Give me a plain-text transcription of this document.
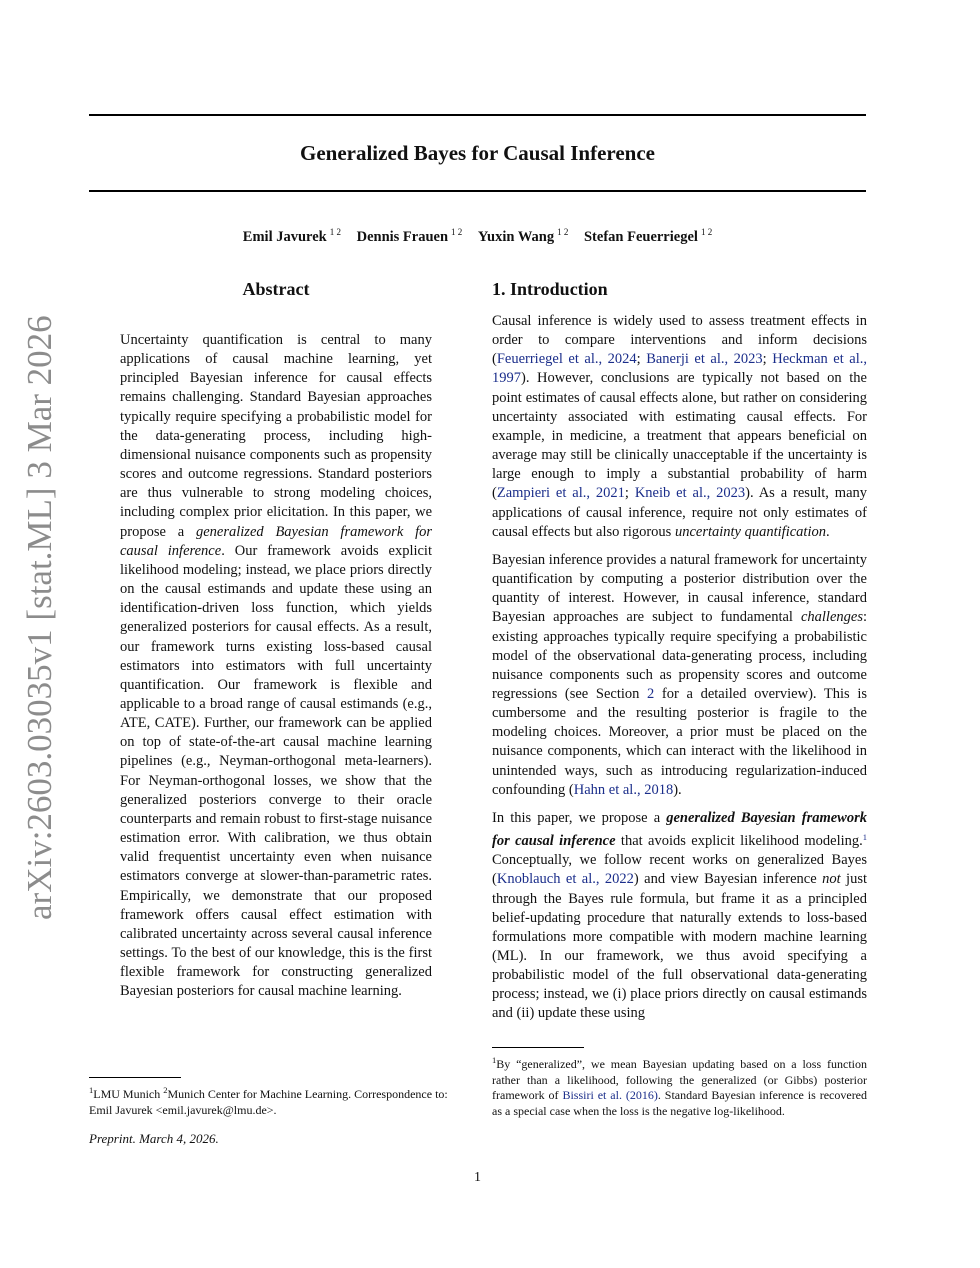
arXiv:2603.03035v1 [stat.ML] 3 Mar 2026
Generalized Bayes for Causal Inference
Emil Javurek $^{1 2}$ Dennis Frauen $^{1 2}$ Yuxin Wang $^{1 2}$ Stefan Feuerriegel $^{1 2}$
Abstract
Uncertainty quantification is central to many applications of causal machine learning, yet principled Bayesian inference for causal effects remains challenging. Standard Bayesian approaches typically require specifying a probabilistic model for the data-generating process, including high-dimensional nuisance components such as propensity scores and outcome regressions. Standard posteriors are thus vulnerable to strong modeling choices, including complex prior elicitation. In this paper, we propose a generalized Bayesian framework for causal inference. Our framework avoids explicit likelihood modeling; instead, we place priors directly on the causal estimands and update these using an identification-driven loss function, which yields generalized posteriors for causal effects. As a result, our framework turns existing loss-based causal estimators into estimators with full uncertainty quantification. Our framework is flexible and applicable to a broad range of causal estimands (e.g., ATE, CATE). Further, our framework can be applied on top of state-of-the-art causal machine learning pipelines (e.g., Neyman-orthogonal meta-learners). For Neyman-orthogonal losses, we show that the generalized posteriors converge to their oracle counterparts and remain robust to first-stage nuisance estimation error. With calibration, we thus obtain valid frequentist uncertainty even when nuisance estimators converge at slower-than-parametric rates. Empirically, we demonstrate that our proposed framework offers causal effect estimation with calibrated uncertainty across several causal inference settings. To the best of our knowledge, this is the first flexible framework for constructing generalized Bayesian posteriors for causal machine learning.
1. Introduction

Causal inference is widely used to assess treatment effects in order to compare interventions and inform decisions (Feuerriegel et al., 2024; Banerji et al., 2023; Heckman et al., 1997). However, conclusions are typically not based on the point estimates of causal effects alone, but rather on considering uncertainty associated with estimating causal effects. For example, in medicine, a treatment that appears beneficial on average may still be clinically unacceptable if the uncertainty is large enough to imply a substantial probability of harm (Zampieri et al., 2021; Kneib et al., 2023). As a result, many applications of causal inference, require not only estimates of causal effects but also rigorous uncertainty quantification.

Bayesian inference provides a natural framework for uncertainty quantification by computing a posterior distribution over the quantity of interest. However, in causal inference, standard Bayesian approaches are subject to fundamental challenges: existing approaches typically require specifying a probabilistic model of the observational data-generating process, including nuisance components such as propensity scores and outcome regressions (see Section 2 for a detailed overview). This is cumbersome and the resulting posterior is fragile to the modeling choices. Moreover, a prior must be placed on the nuisance components, which can interact with the likelihood in unintended ways, such as introducing regularization-induced confounding (Hahn et al., 2018).

In this paper, we propose a generalized Bayesian framework for causal inference that avoids explicit likelihood modeling.$^1$ Conceptually, we follow recent works on generalized Bayes (Knoblauch et al., 2022) and view Bayesian inference not just through the Bayes rule formula, but frame it as a principled belief-updating procedure that naturally extends to loss-based formulations more compatible with modern machine learning (ML). In our framework, we thus avoid specifying a probabilistic model of the full observational data-generating process; instead, we (i) place priors directly on causal estimands and (ii) update these using

$^1$LMU Munich $^2$Munich Center for Machine Learning. Correspondence to: Emil Javurek <emil.javurek@lmu.de>.
$^1$By “generalized”, we mean Bayesian updating based on a loss function rather than a likelihood, following the generalized (or Gibbs) posterior framework of Bissiri et al. (2016). Standard Bayesian inference is recovered as a special case when the loss is the negative log-likelihood.
Preprint. March 4, 2026.
1
